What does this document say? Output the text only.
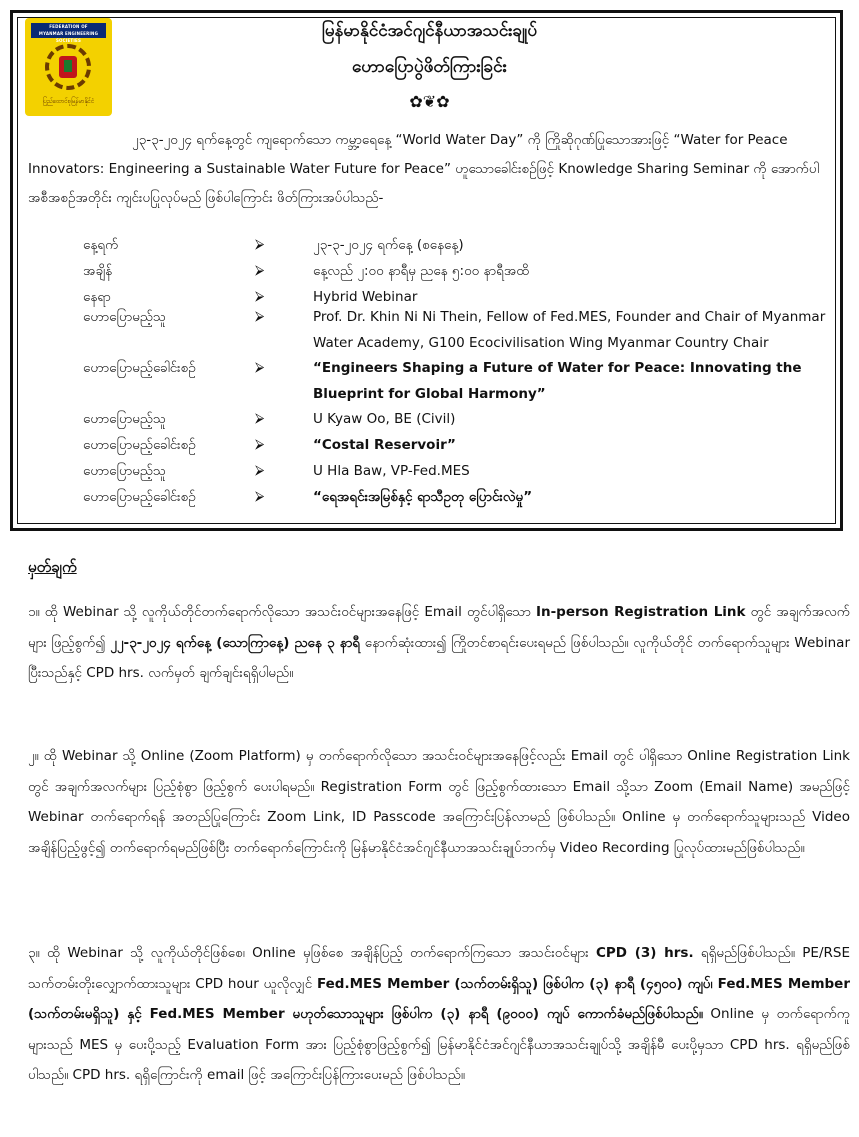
FEDERATION OF
MYANMAR ENGINEERING SOCIETIES
ပြည်ထောင်စုမြန်မာနိုင်ငံ
မြန်မာနိုင်ငံအင်ဂျင်နီယာအသင်းချုပ်
ဟောပြောပွဲဖိတ်ကြားခြင်း
✿❦✿

၂၃-၃-၂၀၂၄ ရက်နေ့တွင် ကျရောက်သော ကမ္ဘာ့ရေနေ့ “World Water Day” ကို ကြိုဆိုဂုဏ်ပြုသောအားဖြင့် “Water for Peace Innovators: Engineering a Sustainable Water Future for Peace” ဟူသောခေါင်းစဉ်ဖြင့် Knowledge Sharing Seminar ကို အောက်ပါ အစီအစဉ်အတိုင်း ကျင်းပပြုလုပ်မည် ဖြစ်ပါကြောင်း ဖိတ်ကြားအပ်ပါသည်-

နေ့ရက်	⮚	၂၃-၃-၂၀၂၄ ရက်နေ့ (စနေနေ့)
အချိန်	⮚	နေ့လည် ၂:၀၀ နာရီမှ ညနေ ၅:၀၀ နာရီအထိ
နေရာ	⮚	Hybrid Webinar
ဟောပြောမည့်သူ	⮚	Prof. Dr. Khin Ni Ni Thein, Fellow of Fed.MES, Founder and Chair of Myanmar Water Academy, G100 Ecocivilisation Wing Myanmar Country Chair
ဟောပြောမည့်ခေါင်းစဉ်	⮚	“Engineers Shaping a Future of Water for Peace: Innovating the Blueprint for Global Harmony”
ဟောပြောမည့်သူ	⮚	U Kyaw Oo, BE (Civil)
ဟောပြောမည့်ခေါင်းစဉ်	⮚	“Costal Reservoir”
ဟောပြောမည့်သူ	⮚	U Hla Baw, VP-Fed.MES
ဟောပြောမည့်ခေါင်းစဉ်	⮚	“ရေအရင်းအမြစ်နှင့် ရာသီဥတု ပြောင်းလဲမှု”
မှတ်ချက်

၁။ ထို Webinar သို့ လူကိုယ်တိုင်တက်ရောက်လိုသော အသင်းဝင်များအနေဖြင့် Email တွင်ပါရှိသော In-person Registration Link တွင် အချက်အလက်များ ဖြည့်စွက်၍ ၂၂-၃-၂၀၂၄ ရက်နေ့ (သောကြာနေ့) ညနေ ၃ နာရီ နောက်ဆုံးထား၍ ကြိုတင်စာရင်းပေးရမည် ဖြစ်ပါသည်။ လူကိုယ်တိုင် တက်ရောက်သူများ Webinar ပြီးသည်နှင့် CPD hrs. လက်မှတ် ချက်ချင်းရရှိပါမည်။

၂။ ထို Webinar သို့ Online (Zoom Platform) မှ တက်ရောက်လိုသော အသင်းဝင်များအနေဖြင့်လည်း Email တွင် ပါရှိသော Online Registration Link တွင် အချက်အလက်များ ပြည့်စုံစွာ ဖြည့်စွက် ပေးပါရမည်။ Registration Form တွင် ဖြည့်စွက်ထားသော Email သို့သာ Zoom (Email Name) အမည်ဖြင့် Webinar တက်ရောက်ရန် အတည်ပြုကြောင်း Zoom Link, ID Passcode အကြောင်းပြန်လာမည် ဖြစ်ပါသည်။ Online မှ တက်ရောက်သူများသည် Video အချိန်ပြည့်ဖွင့်၍ တက်ရောက်ရမည်ဖြစ်ပြီး တက်ရောက်ကြောင်းကို မြန်မာနိုင်ငံအင်ဂျင်နီယာအသင်းချုပ်ဘက်မှ Video Recording ပြုလုပ်ထားမည်ဖြစ်ပါသည်။

၃။ ထို Webinar သို့ လူကိုယ်တိုင်ဖြစ်စေ၊ Online မှဖြစ်စေ အချိန်ပြည့် တက်ရောက်ကြသော အသင်းဝင်များ CPD (3) hrs. ရရှိမည်ဖြစ်ပါသည်။ PE/RSE သက်တမ်းတိုးလျှောက်ထားသူများ CPD hour ယူလိုလျှင် Fed.MES Member (သက်တမ်းရှိသူ) ဖြစ်ပါက (၃) နာရီ (၄၅၀၀) ကျပ်၊ Fed.MES Member (သက်တမ်းမရှိသူ) နှင့် Fed.MES Member မဟုတ်သောသူများ ဖြစ်ပါက (၃) နာရီ (၉၀၀၀) ကျပ် ကောက်ခံမည်ဖြစ်ပါသည်။ Online မှ တက်ရောက်ကူများသည် MES မှ ပေးပို့သည့် Evaluation Form အား ပြည့်စုံစွာဖြည့်စွက်၍ မြန်မာနိုင်ငံအင်ဂျင်နီယာအသင်းချုပ်သို့ အချိန်မီ ပေးပို့မှသာ CPD hrs. ရရှိမည်ဖြစ်ပါသည်။ CPD hrs. ရရှိကြောင်းကို email ဖြင့် အကြောင်းပြန်ကြားပေးမည် ဖြစ်ပါသည်။
